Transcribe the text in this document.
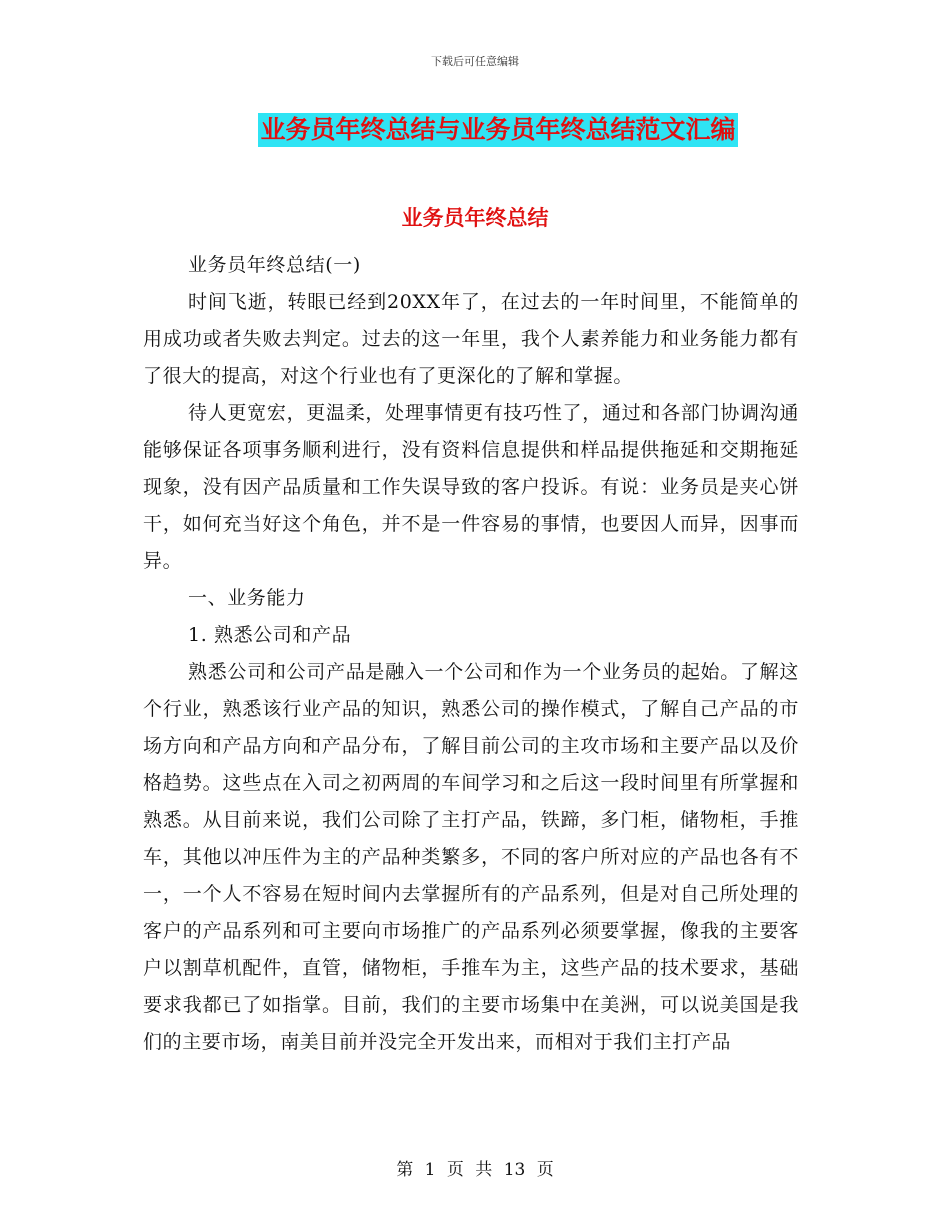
下载后可任意编辑
业务员年终总结与业务员年终总结范文汇编
业务员年终总结

业务员年终总结(一)

时间飞逝，转眼已经到20XX年了，在过去的一年时间里，不能简单的用成功或者失败去判定。过去的这一年里，我个人素养能力和业务能力都有了很大的提高，对这个行业也有了更深化的了解和掌握。

待人更宽宏，更温柔，处理事情更有技巧性了，通过和各部门协调沟通能够保证各项事务顺利进行，没有资料信息提供和样品提供拖延和交期拖延现象，没有因产品质量和工作失误导致的客户投诉。有说：业务员是夹心饼干，如何充当好这个角色，并不是一件容易的事情，也要因人而异，因事而异。

一、业务能力

1. 熟悉公司和产品

熟悉公司和公司产品是融入一个公司和作为一个业务员的起始。了解这个行业，熟悉该行业产品的知识，熟悉公司的操作模式，了解自己产品的市场方向和产品方向和产品分布，了解目前公司的主攻市场和主要产品以及价格趋势。这些点在入司之初两周的车间学习和之后这一段时间里有所掌握和熟悉。从目前来说，我们公司除了主打产品，铁蹄，多门柜，储物柜，手推车，其他以冲压件为主的产品种类繁多，不同的客户所对应的产品也各有不一，一个人不容易在短时间内去掌握所有的产品系列，但是对自己所处理的客户的产品系列和可主要向市场推广的产品系列必须要掌握，像我的主要客户以割草机配件，直管，储物柜，手推车为主，这些产品的技术要求，基础要求我都已了如指掌。目前，我们的主要市场集中在美洲，可以说美国是我们的主要市场，南美目前并没完全开发出来，而相对于我们主打产品

第 1 页 共 13 页
